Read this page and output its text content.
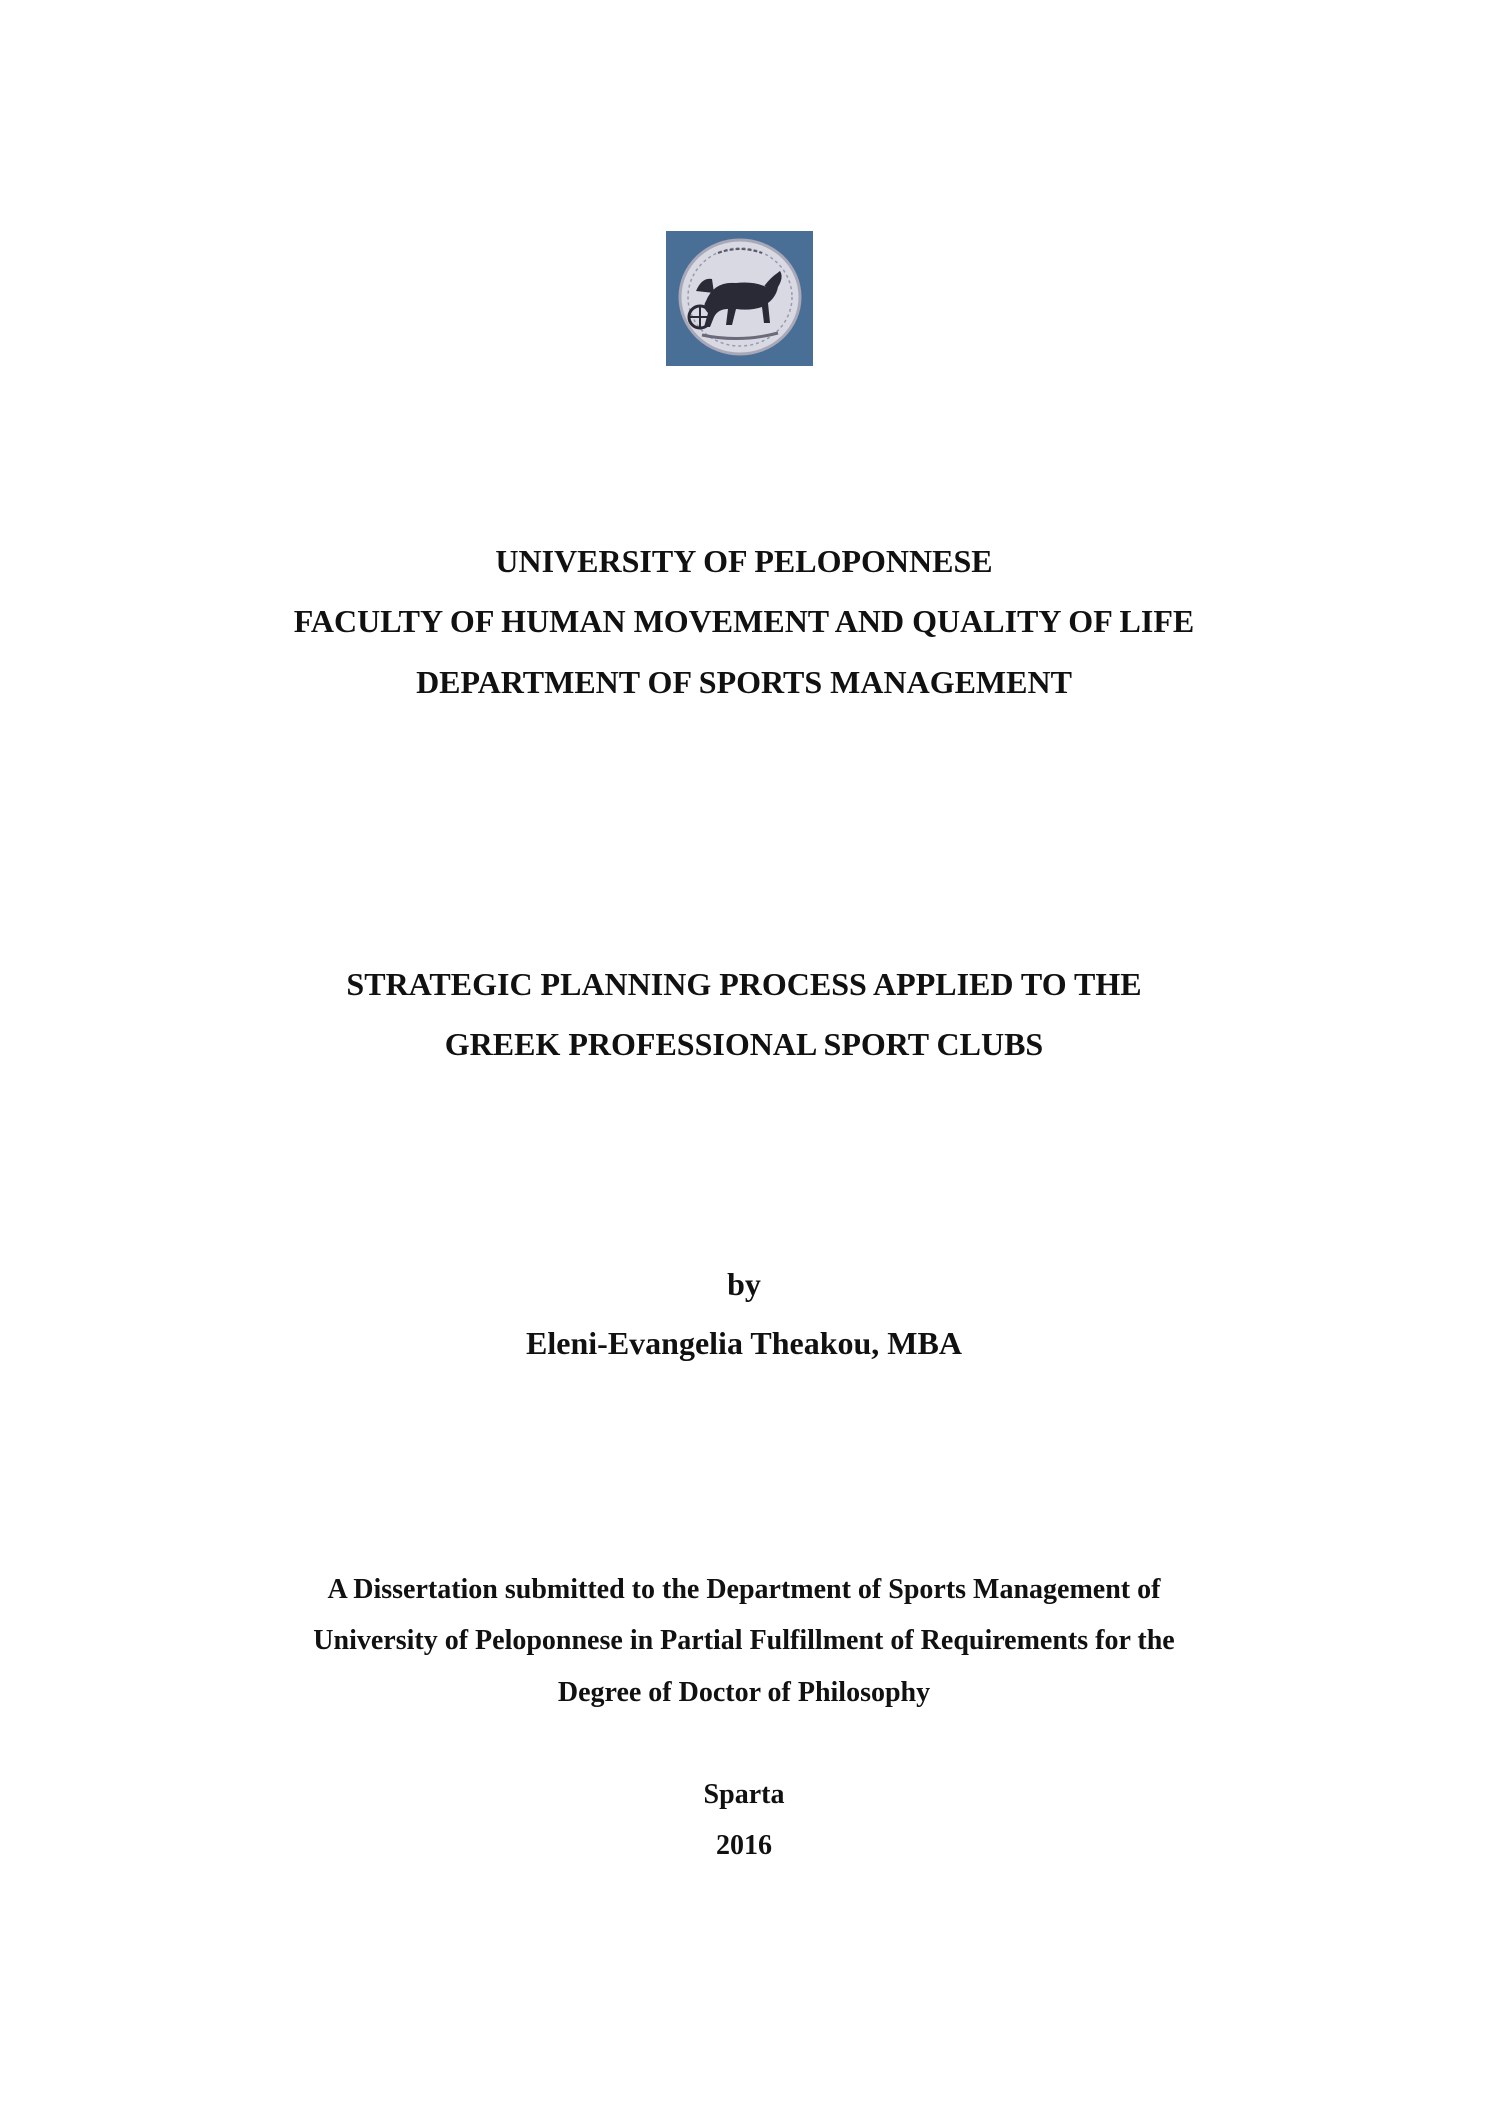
UNIVERSITY OF PELOPONNESE
FACULTY OF HUMAN MOVEMENT AND QUALITY OF LIFE
DEPARTMENT OF SPORTS MANAGEMENT
STRATEGIC PLANNING PROCESS APPLIED TO THE
GREEK PROFESSIONAL SPORT CLUBS
by
Eleni-Evangelia Theakou, MBA
A Dissertation submitted to the Department of Sports Management of
University of Peloponnese in Partial Fulfillment of Requirements for the
Degree of Doctor of Philosophy
Sparta
2016
